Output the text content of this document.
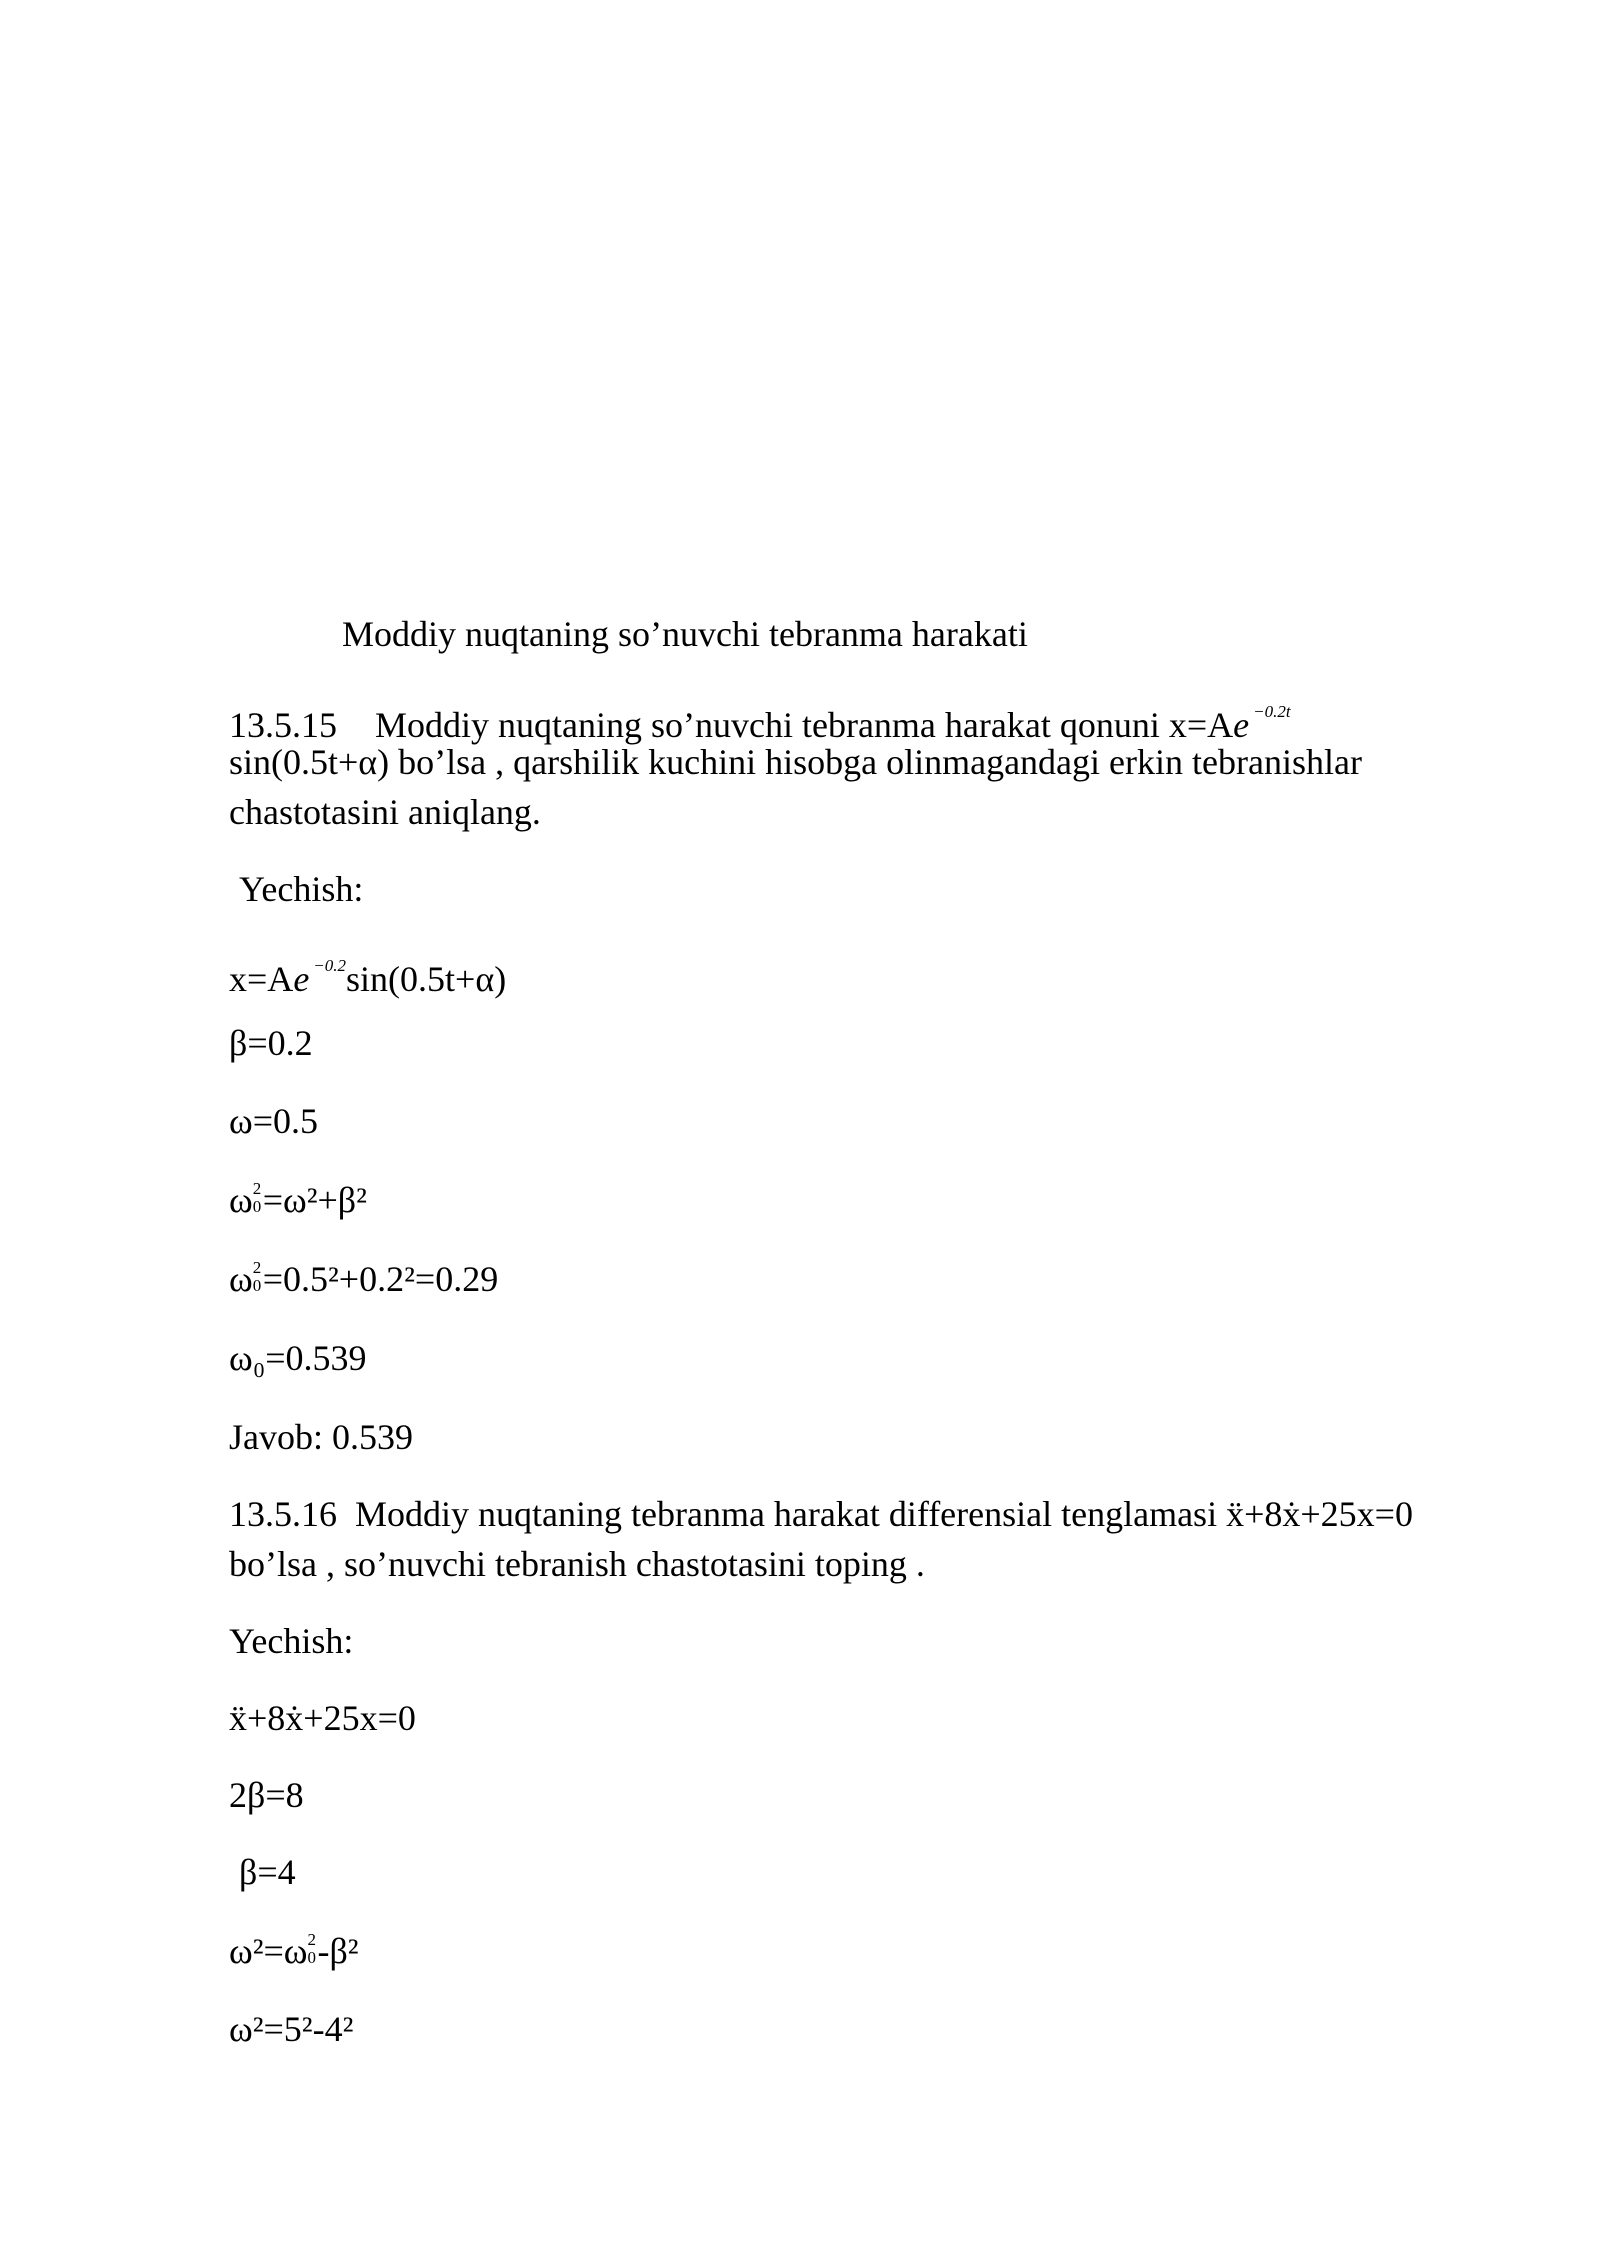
Moddiy nuqtaning so’nuvchi tebranma harakati
13.5.15 Moddiy nuqtaning so’nuvchi tebranma harakat qonuni x=Ae $^{-0.2t}$
sin(0.5t+α) bo’lsa , qarshilik kuchini hisobga olinmagandagi erkin tebranishlar
chastotasini aniqlang.
Yechish:
x=Ae $^{-0.2}$sin(0.5t+α)
β=0.2
ω=0.5
ω 2
0 =ω²+β²
ω 2
0 =0.5²+0.2²=0.29
ω₀=0.539
Javob: 0.539
13.5.16 Moddiy nuqtaning tebranma harakat differensial tenglamasi ẍ+8ẋ+25x=0
bo’lsa , so’nuvchi tebranish chastotasini toping .
Yechish:
ẍ+8ẋ+25x=0
2β=8
β=4
ω²=ω 2
0 -β²
ω²=5²-4²
